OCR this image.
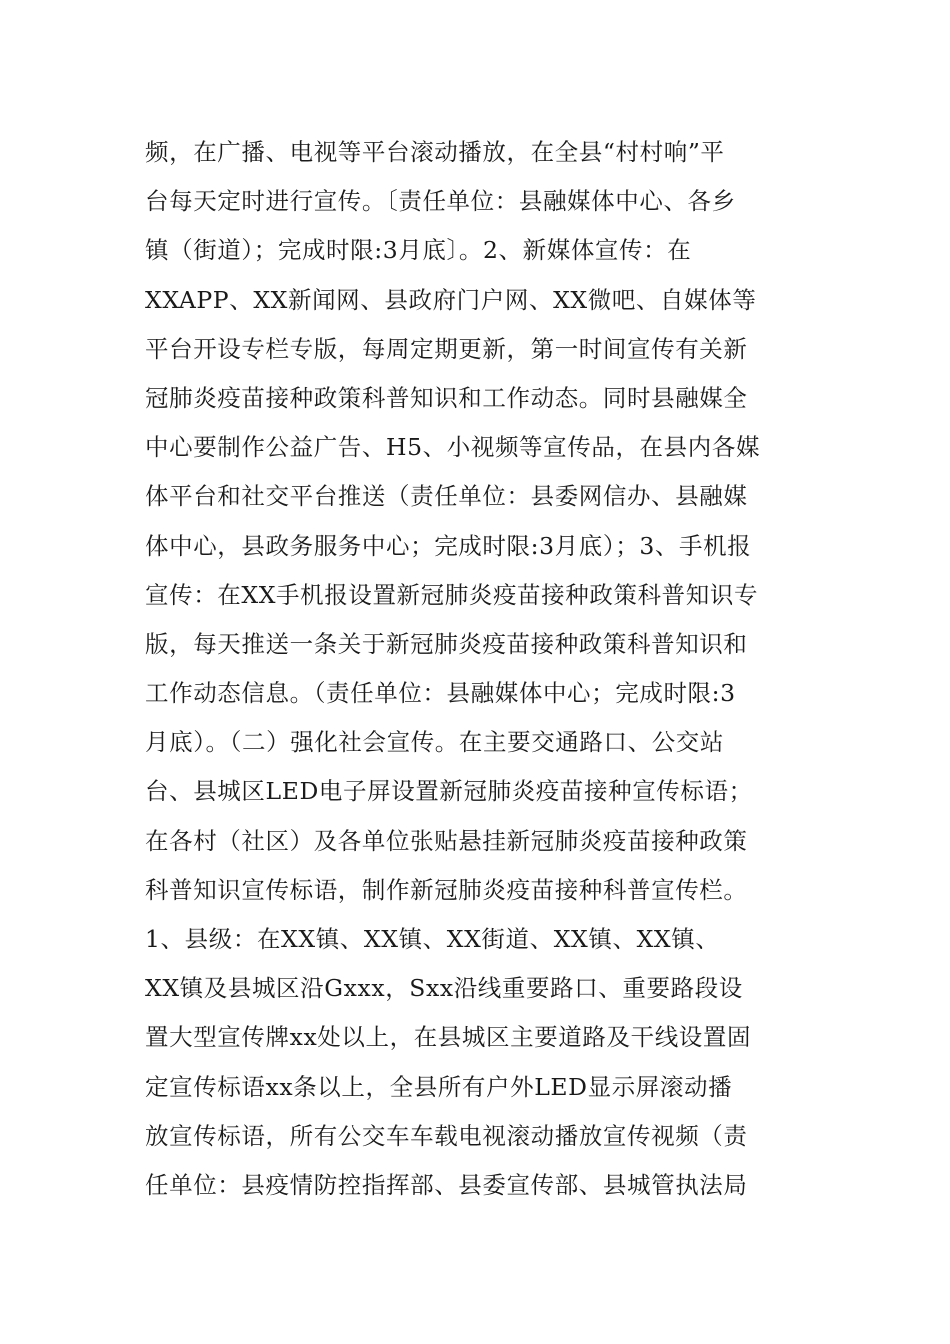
频，在广播、电视等平台滚动播放，在全县“村村响”平
台每天定时进行宣传。〔责任单位：县融媒体中心、各乡
镇（街道）；完成时限:3月底〕。2、新媒体宣传：在
XXAPP、XX新闻网、县政府门户网、XX微吧、自媒体等
平台开设专栏专版，每周定期更新，第一时间宣传有关新
冠肺炎疫苗接种政策科普知识和工作动态。同时县融媒全
中心要制作公益广告、H5、小视频等宣传品，在县内各媒
体平台和社交平台推送（责任单位：县委网信办、县融媒
体中心，县政务服务中心；完成时限:3月底）；3、手机报
宣传：在XX手机报设置新冠肺炎疫苗接种政策科普知识专
版，每天推送一条关于新冠肺炎疫苗接种政策科普知识和
工作动态信息。（责任单位：县融媒体中心；完成时限:3
月底）。（二）强化社会宣传。在主要交通路口、公交站
台、县城区LED电子屏设置新冠肺炎疫苗接种宣传标语；
在各村（社区）及各单位张贴悬挂新冠肺炎疫苗接种政策
科普知识宣传标语，制作新冠肺炎疫苗接种科普宣传栏。
1、县级：在XX镇、XX镇、XX街道、XX镇、XX镇、
XX镇及县城区沿Gxxx，Sxx沿线重要路口、重要路段设
置大型宣传牌xx处以上，在县城区主要道路及干线设置固
定宣传标语xx条以上，全县所有户外LED显示屏滚动播
放宣传标语，所有公交车车载电视滚动播放宣传视频（责
任单位：县疫情防控指挥部、县委宣传部、县城管执法局
